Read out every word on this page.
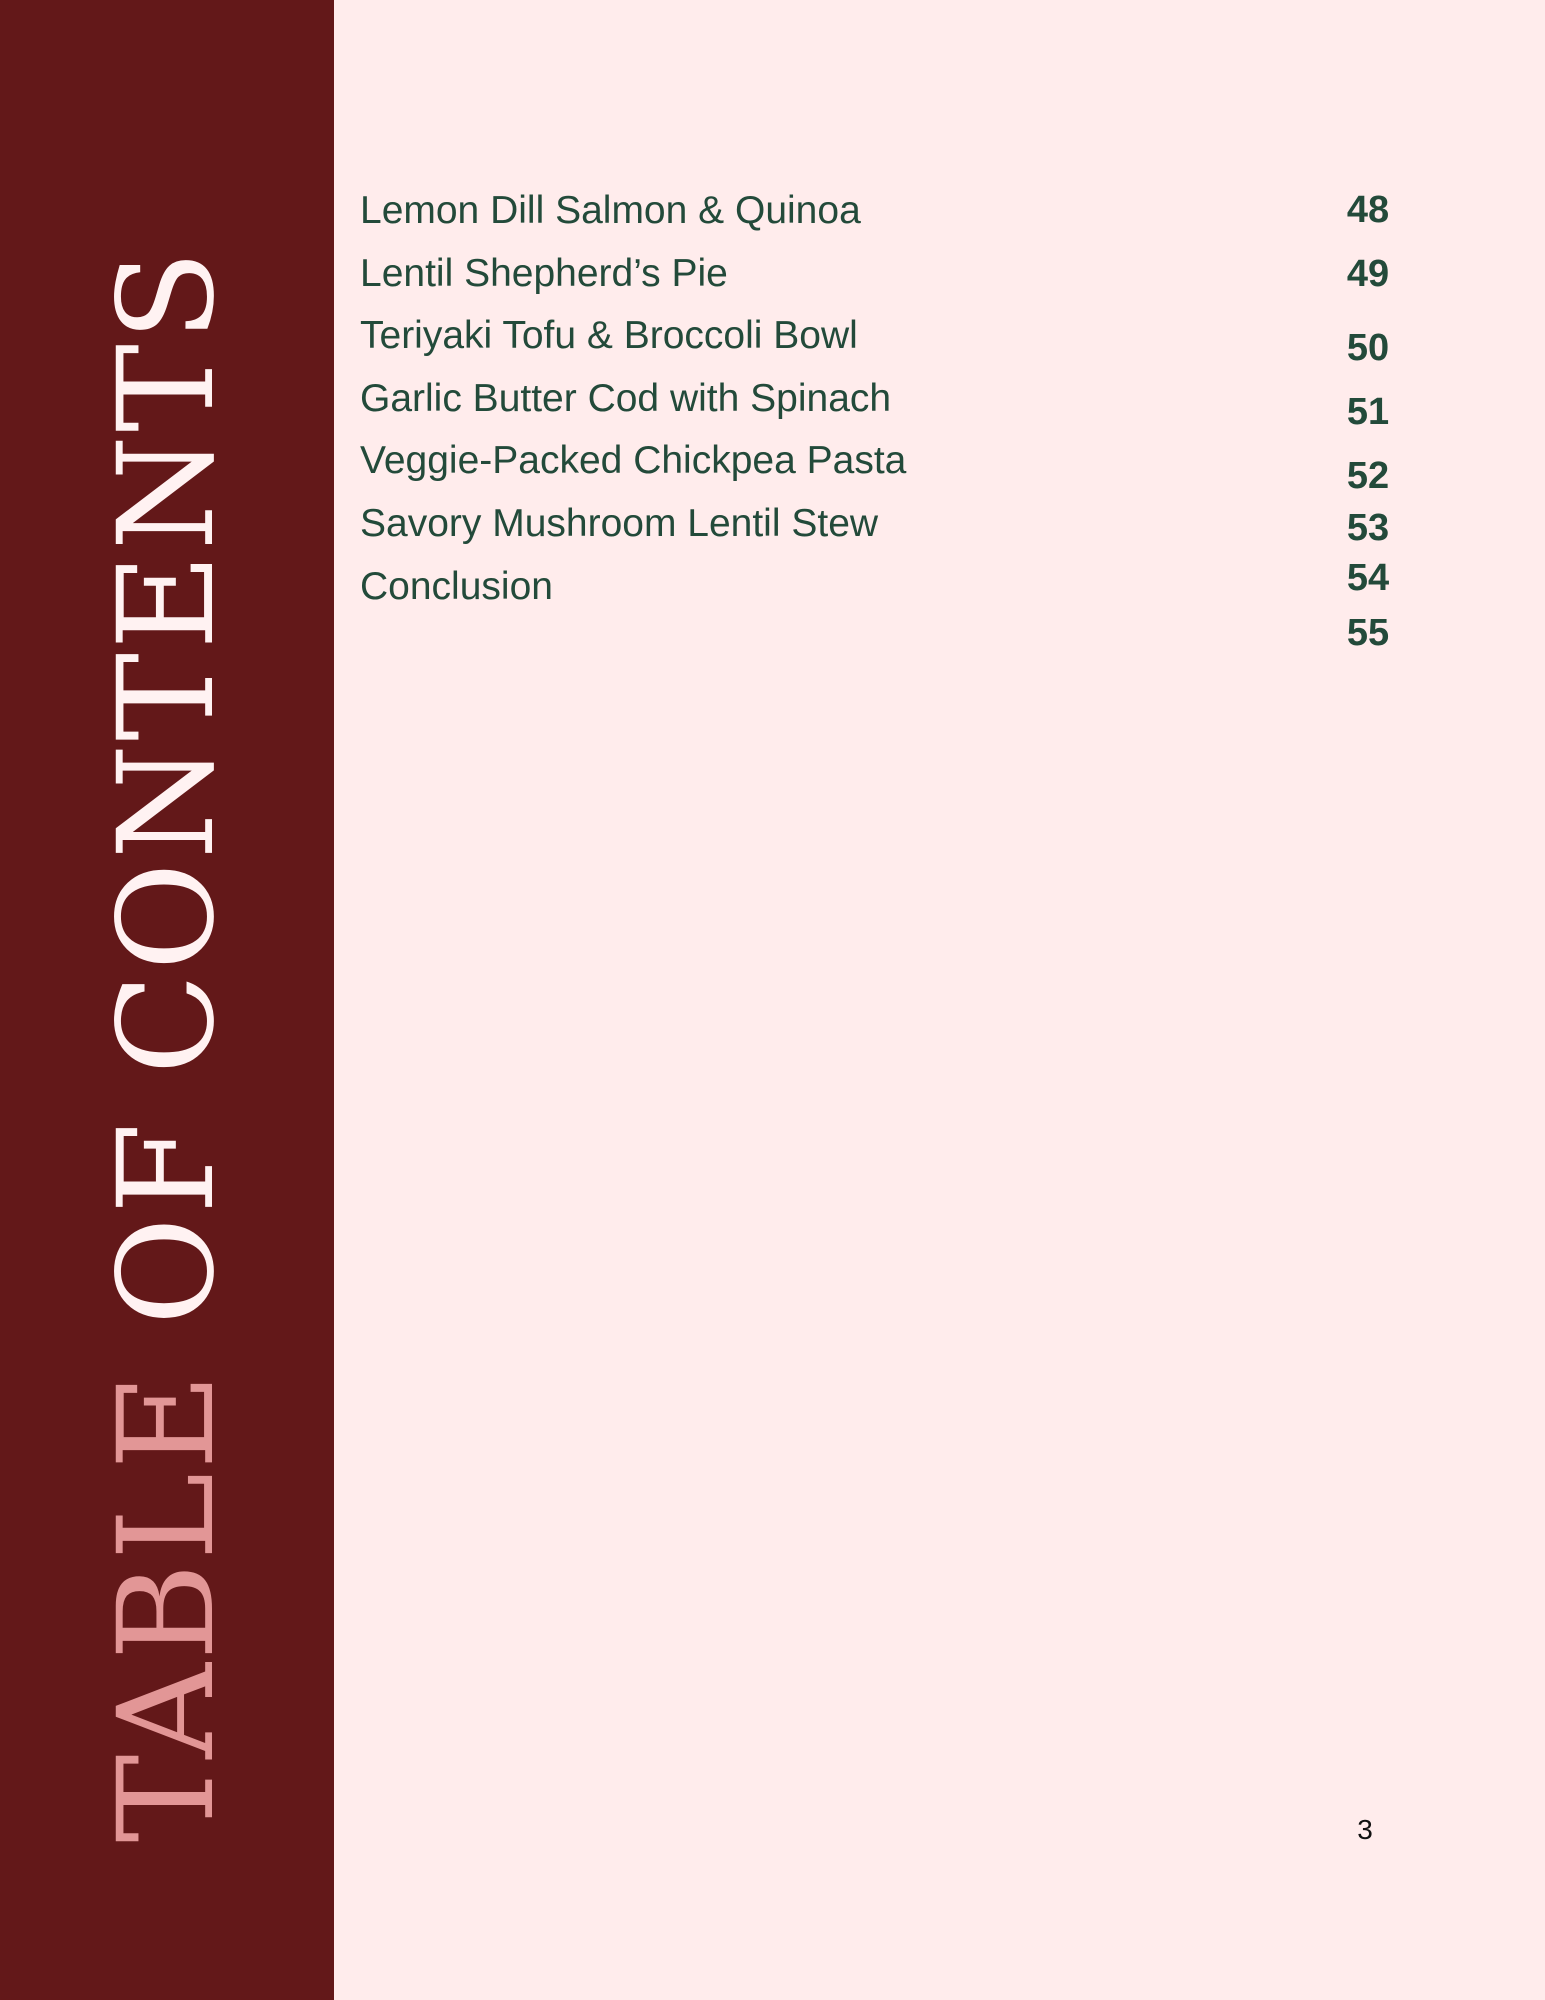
TABLE
OF CONTENTS
Lemon Dill Salmon & Quinoa
Lentil Shepherd’s Pie
Teriyaki Tofu & Broccoli Bowl
Garlic Butter Cod with Spinach
Veggie-Packed Chickpea Pasta
Savory Mushroom Lentil Stew
Conclusion
48
49
50
51
52
53
54
55
3
